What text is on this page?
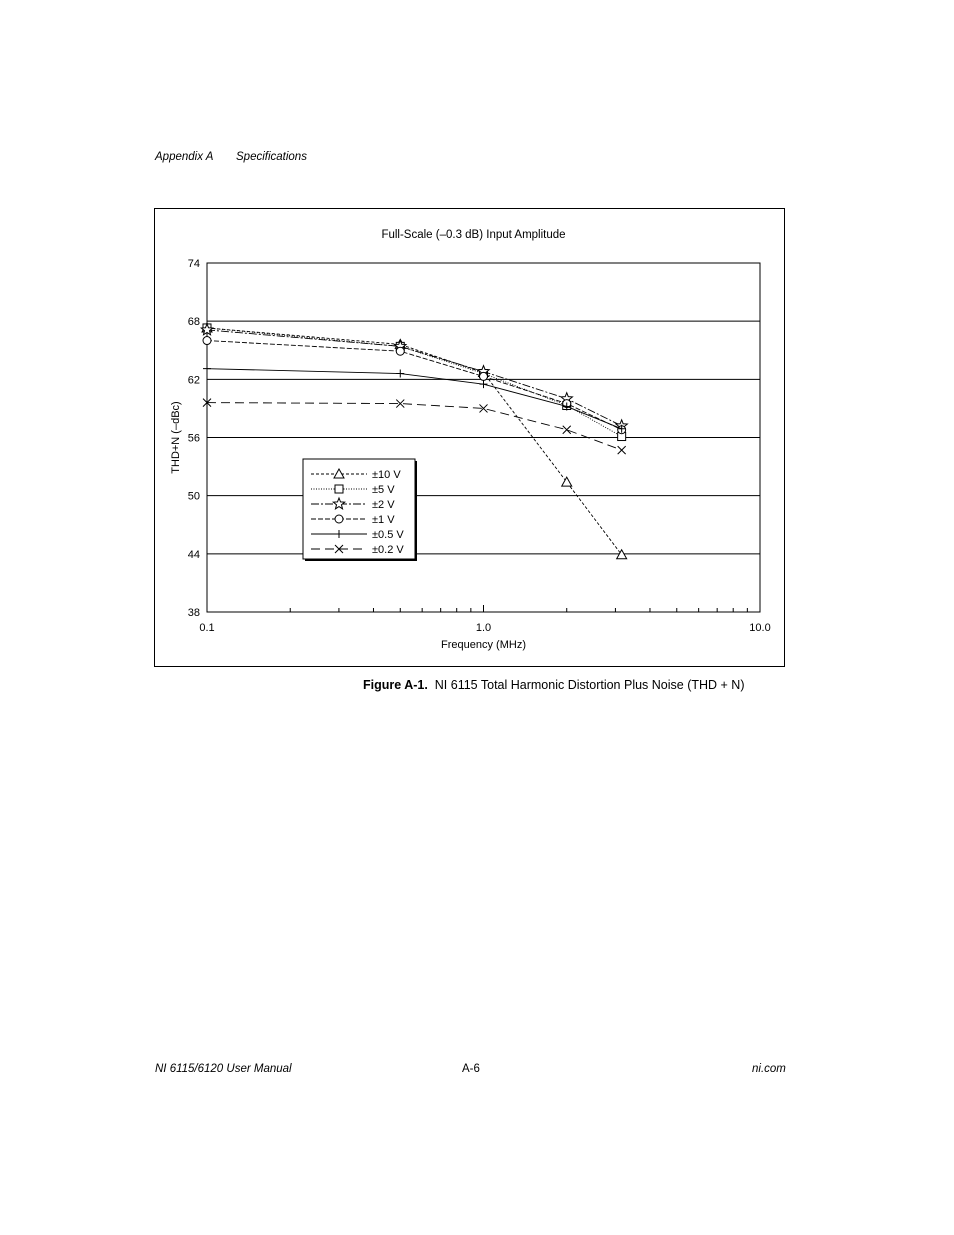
Appendix A Specifications
Full-Scale (–0.3 dB) Input Amplitude
38
44
50
56
62
68
74
0.1	1.0	10.0
Frequency (MHz)
THD+N (–dBc)
±10 V
±5 V
±2 V
±1 V
±0.5 V
±0.2 V
Figure A-1. NI 6115 Total Harmonic Distortion Plus Noise (THD + N)
NI 6115/6120 User Manual	A-6	ni.com
